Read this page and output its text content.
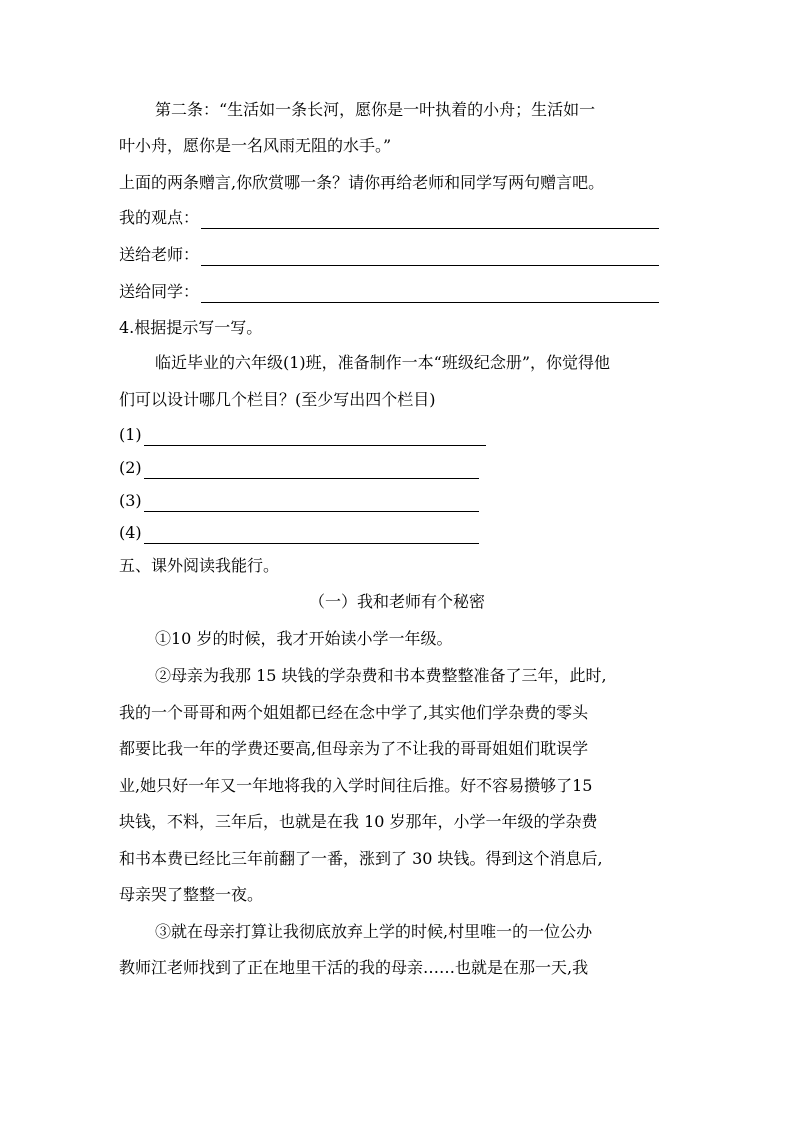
第二条：“生活如一条长河，愿你是一叶执着的小舟；生活如一
叶小舟，愿你是一名风雨无阻的水手。”
上面的两条赠言,你欣赏哪一条？请你再给老师和同学写两句赠言吧。
我的观点：
送给老师：
送给同学：
4.根据提示写一写。
临近毕业的六年级(1)班，准备制作一本“班级纪念册”，你觉得他
们可以设计哪几个栏目？(至少写出四个栏目)
(1)
(2)
(3)
(4)
五、课外阅读我能行。
（一）我和老师有个秘密
①10 岁的时候，我才开始读小学一年级。
②母亲为我那 15 块钱的学杂费和书本费整整准备了三年，此时,
我的一个哥哥和两个姐姐都已经在念中学了,其实他们学杂费的零头
都要比我一年的学费还要高,但母亲为了不让我的哥哥姐姐们耽误学
业,她只好一年又一年地将我的入学时间往后推。好不容易攒够了15
块钱，不料，三年后，也就是在我 10 岁那年，小学一年级的学杂费
和书本费已经比三年前翻了一番，涨到了 30 块钱。得到这个消息后,
母亲哭了整整一夜。
③就在母亲打算让我彻底放弃上学的时候,村里唯一的一位公办
教师江老师找到了正在地里干活的我的母亲……也就是在那一天,我
